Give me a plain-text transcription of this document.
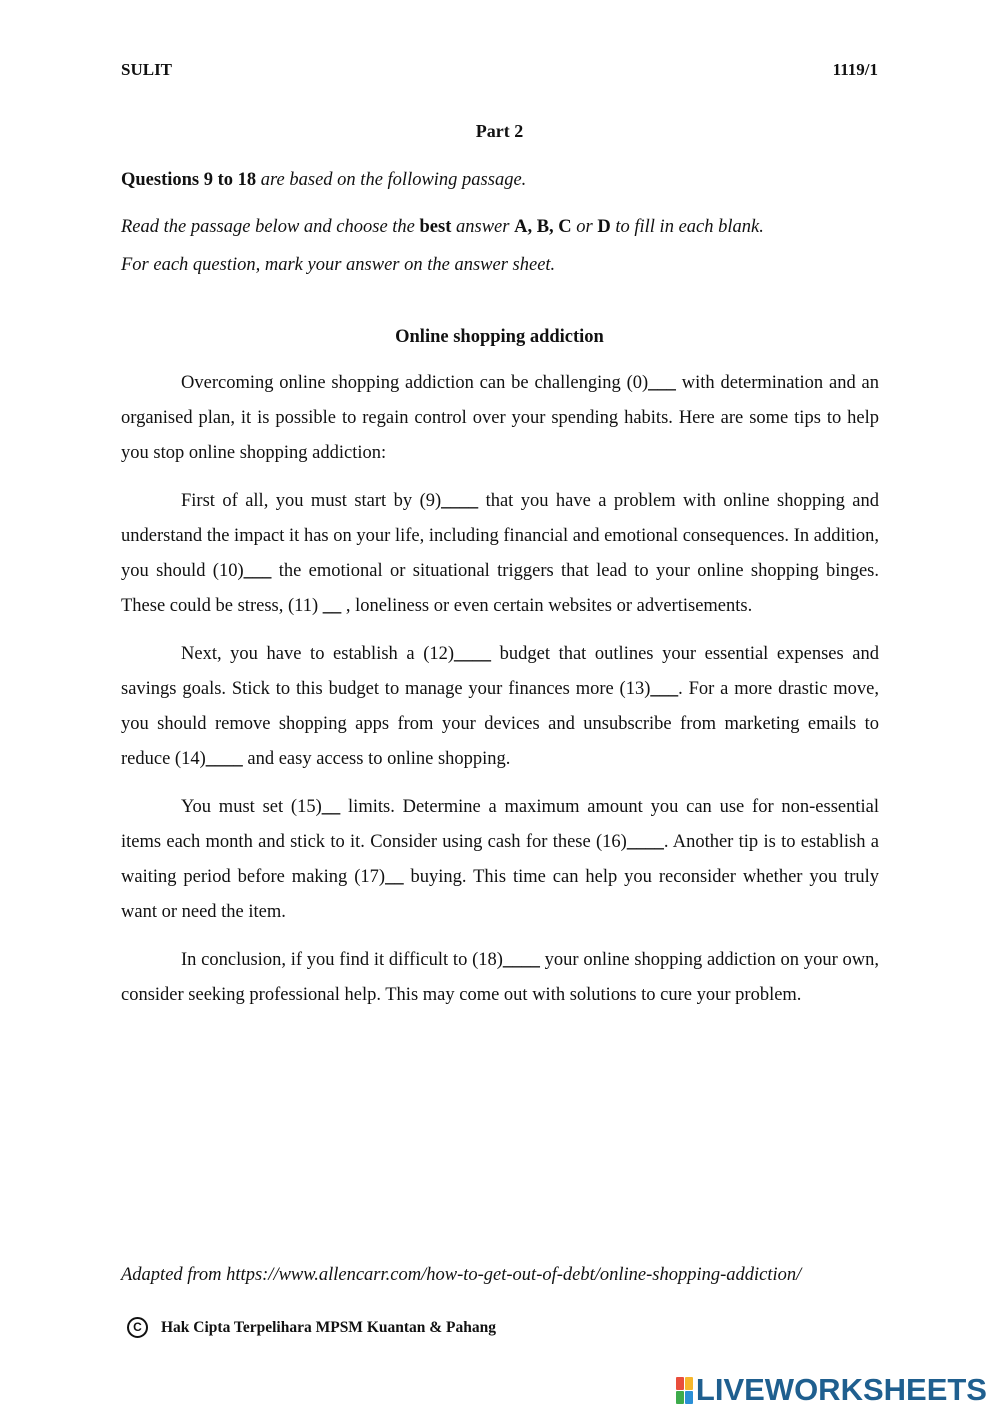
SULIT	1119/1
Part 2
Questions 9 to 18 are based on the following passage.
Read the passage below and choose the best answer A, B, C or D to fill in each blank.
For each question, mark your answer on the answer sheet.
Online shopping addiction

Overcoming online shopping addiction can be challenging (0)___ with determination and an organised plan, it is possible to regain control over your spending habits. Here are some tips to help you stop online shopping addiction:

First of all, you must start by (9)____ that you have a problem with online shopping and understand the impact it has on your life, including financial and emotional consequences. In addition, you should (10)___ the emotional or situational triggers that lead to your online shopping binges. These could be stress, (11) __ , loneliness or even certain websites or advertisements.

Next, you have to establish a (12)____ budget that outlines your essential expenses and savings goals. Stick to this budget to manage your finances more (13)___. For a more drastic move, you should remove shopping apps from your devices and unsubscribe from marketing emails to reduce (14)____ and easy access to online shopping.

You must set (15)__ limits. Determine a maximum amount you can use for non-essential items each month and stick to it. Consider using cash for these (16)____. Another tip is to establish a waiting period before making (17)__ buying. This time can help you reconsider whether you truly want or need the item.

In conclusion, if you find it difficult to (18)____ your online shopping addiction on your own, consider seeking professional help. This may come out with solutions to cure your problem.

Adapted from https://www.allencarr.com/how-to-get-out-of-debt/online-shopping-addiction/
C	Hak Cipta Terpelihara MPSM Kuantan & Pahang
LIVEWORKSHEETS
